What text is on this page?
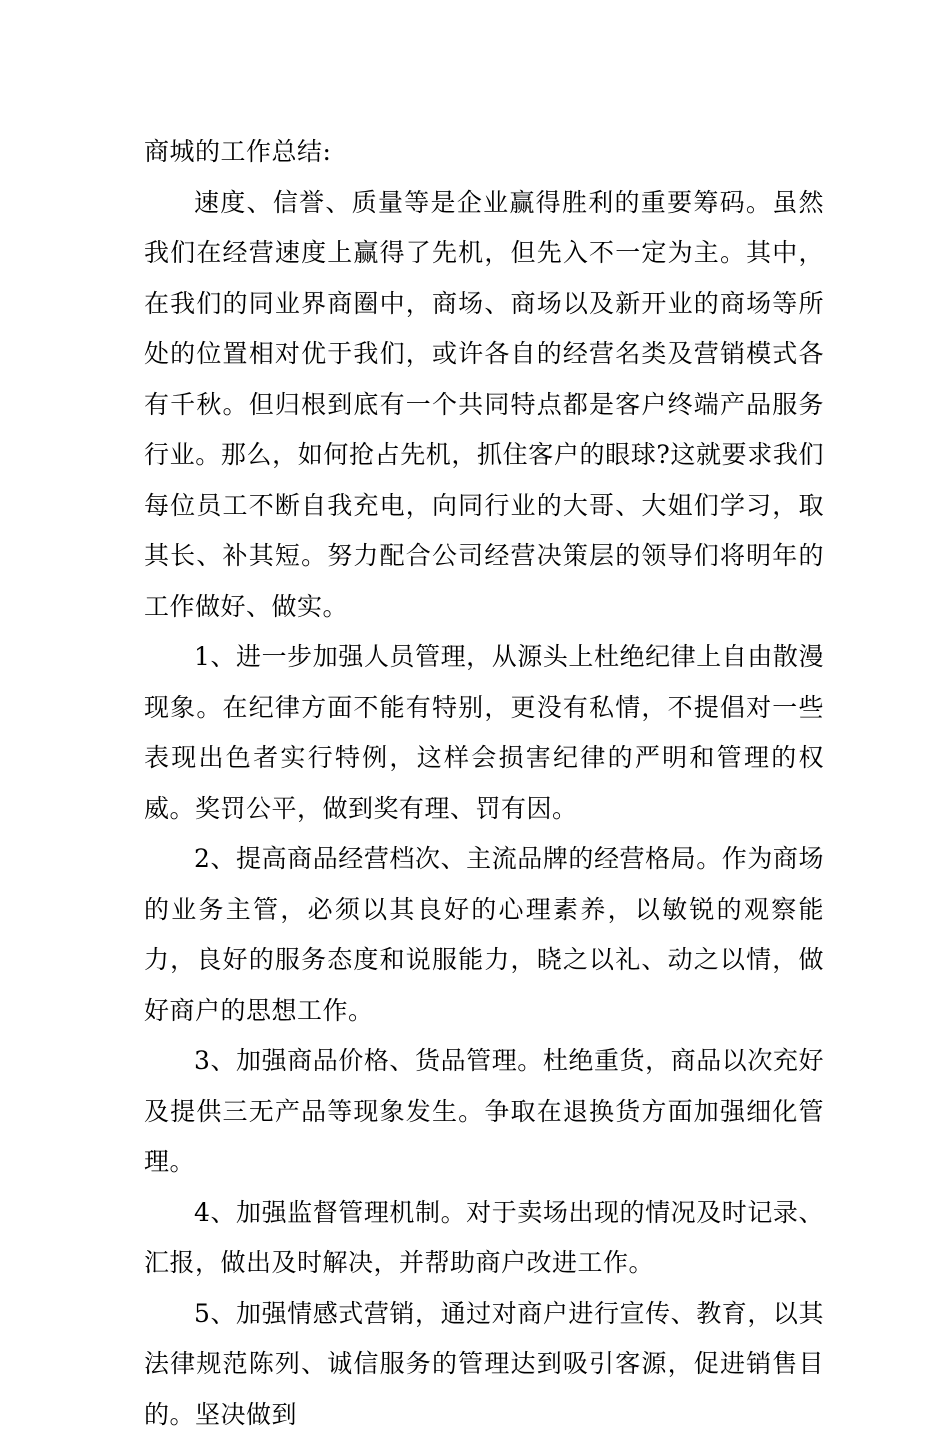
商城的工作总结:

速度、信誉、质量等是企业赢得胜利的重要筹码。虽然我们在经营速度上赢得了先机，但先入不一定为主。其中，在我们的同业界商圈中，商场、商场以及新开业的商场等所处的位置相对优于我们，或许各自的经营名类及营销模式各有千秋。但归根到底有一个共同特点都是客户终端产品服务行业。那么，如何抢占先机，抓住客户的眼球?这就要求我们每位员工不断自我充电，向同行业的大哥、大姐们学习，取其长、补其短。努力配合公司经营决策层的领导们将明年的工作做好、做实。

1、进一步加强人员管理，从源头上杜绝纪律上自由散漫现象。在纪律方面不能有特别，更没有私情，不提倡对一些表现出色者实行特例，这样会损害纪律的严明和管理的权威。奖罚公平，做到奖有理、罚有因。

2、提高商品经营档次、主流品牌的经营格局。作为商场的业务主管，必须以其良好的心理素养，以敏锐的观察能力，良好的服务态度和说服能力，晓之以礼、动之以情，做好商户的思想工作。

3、加强商品价格、货品管理。杜绝重货，商品以次充好及提供三无产品等现象发生。争取在退换货方面加强细化管理。

4、加强监督管理机制。对于卖场出现的情况及时记录、汇报，做出及时解决，并帮助商户改进工作。

5、加强情感式营销，通过对商户进行宣传、教育，以其法律规范陈列、诚信服务的管理达到吸引客源，促进销售目的。坚决做到
